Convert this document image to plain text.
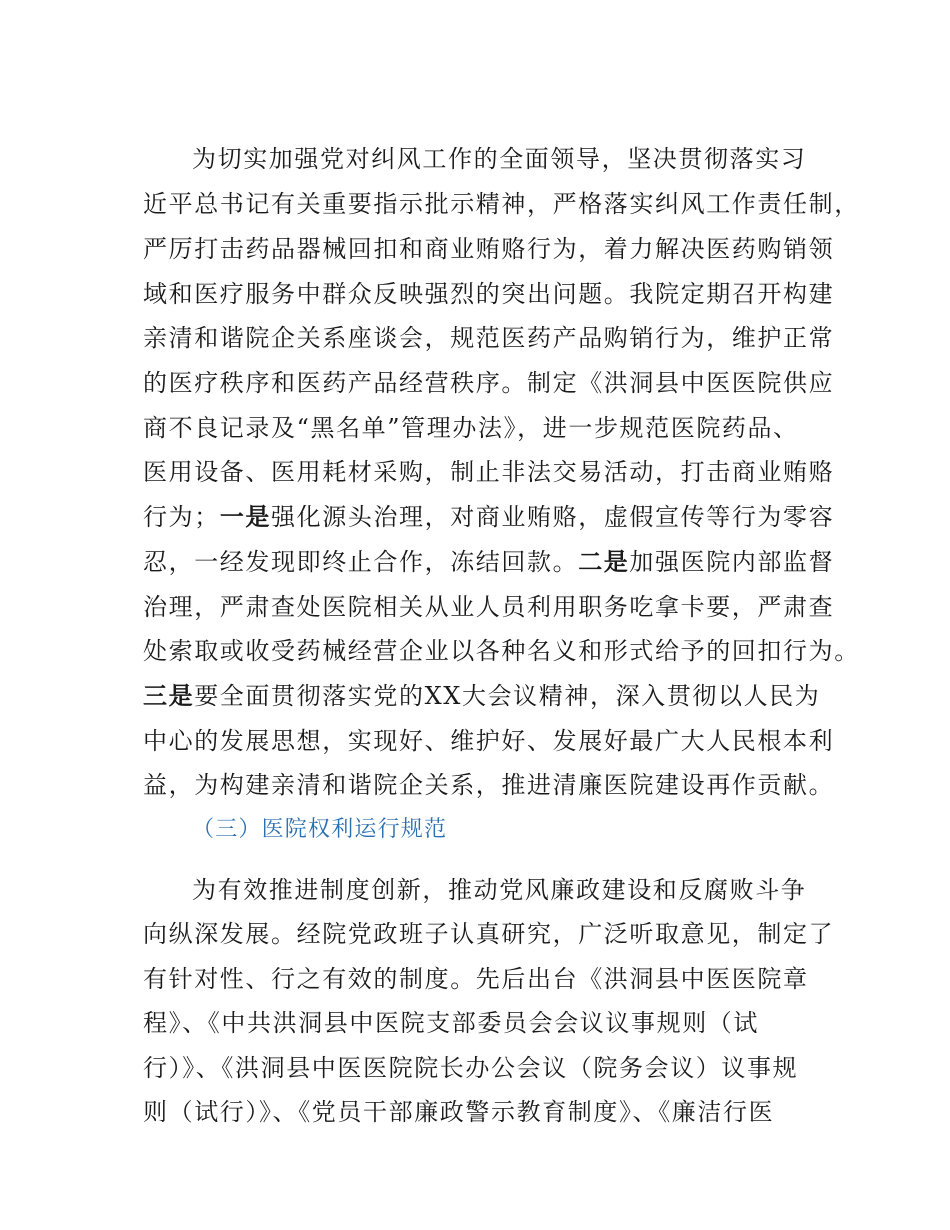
为切实加强党对纠风工作的全面领导，坚决贯彻落实习
近平总书记有关重要指示批示精神，严格落实纠风工作责任制，
严厉打击药品器械回扣和商业贿赂行为，着力解决医药购销领
域和医疗服务中群众反映强烈的突出问题。我院定期召开构建
亲清和谐院企关系座谈会，规范医药产品购销行为，维护正常
的医疗秩序和医药产品经营秩序。制定《洪洞县中医医院供应
商不良记录及“黑名单”管理办法》，进一步规范医院药品、
医用设备、医用耗材采购，制止非法交易活动，打击商业贿赂
行为；一是强化源头治理，对商业贿赂，虚假宣传等行为零容
忍，一经发现即终止合作，冻结回款。二是加强医院内部监督
治理，严肃查处医院相关从业人员利用职务吃拿卡要，严肃查
处索取或收受药械经营企业以各种名义和形式给予的回扣行为。
三是要全面贯彻落实党的XX大会议精神，深入贯彻以人民为
中心的发展思想，实现好、维护好、发展好最广大人民根本利
益，为构建亲清和谐院企关系，推进清廉医院建设再作贡献。
（三）医院权利运行规范
为有效推进制度创新，推动党风廉政建设和反腐败斗争
向纵深发展。经院党政班子认真研究，广泛听取意见，制定了
有针对性、行之有效的制度。先后出台《洪洞县中医医院章
程》、《中共洪洞县中医院支部委员会会议议事规则（试
行）》、《洪洞县中医医院院长办公会议（院务会议）议事规
则（试行）》、《党员干部廉政警示教育制度》、《廉洁行医
